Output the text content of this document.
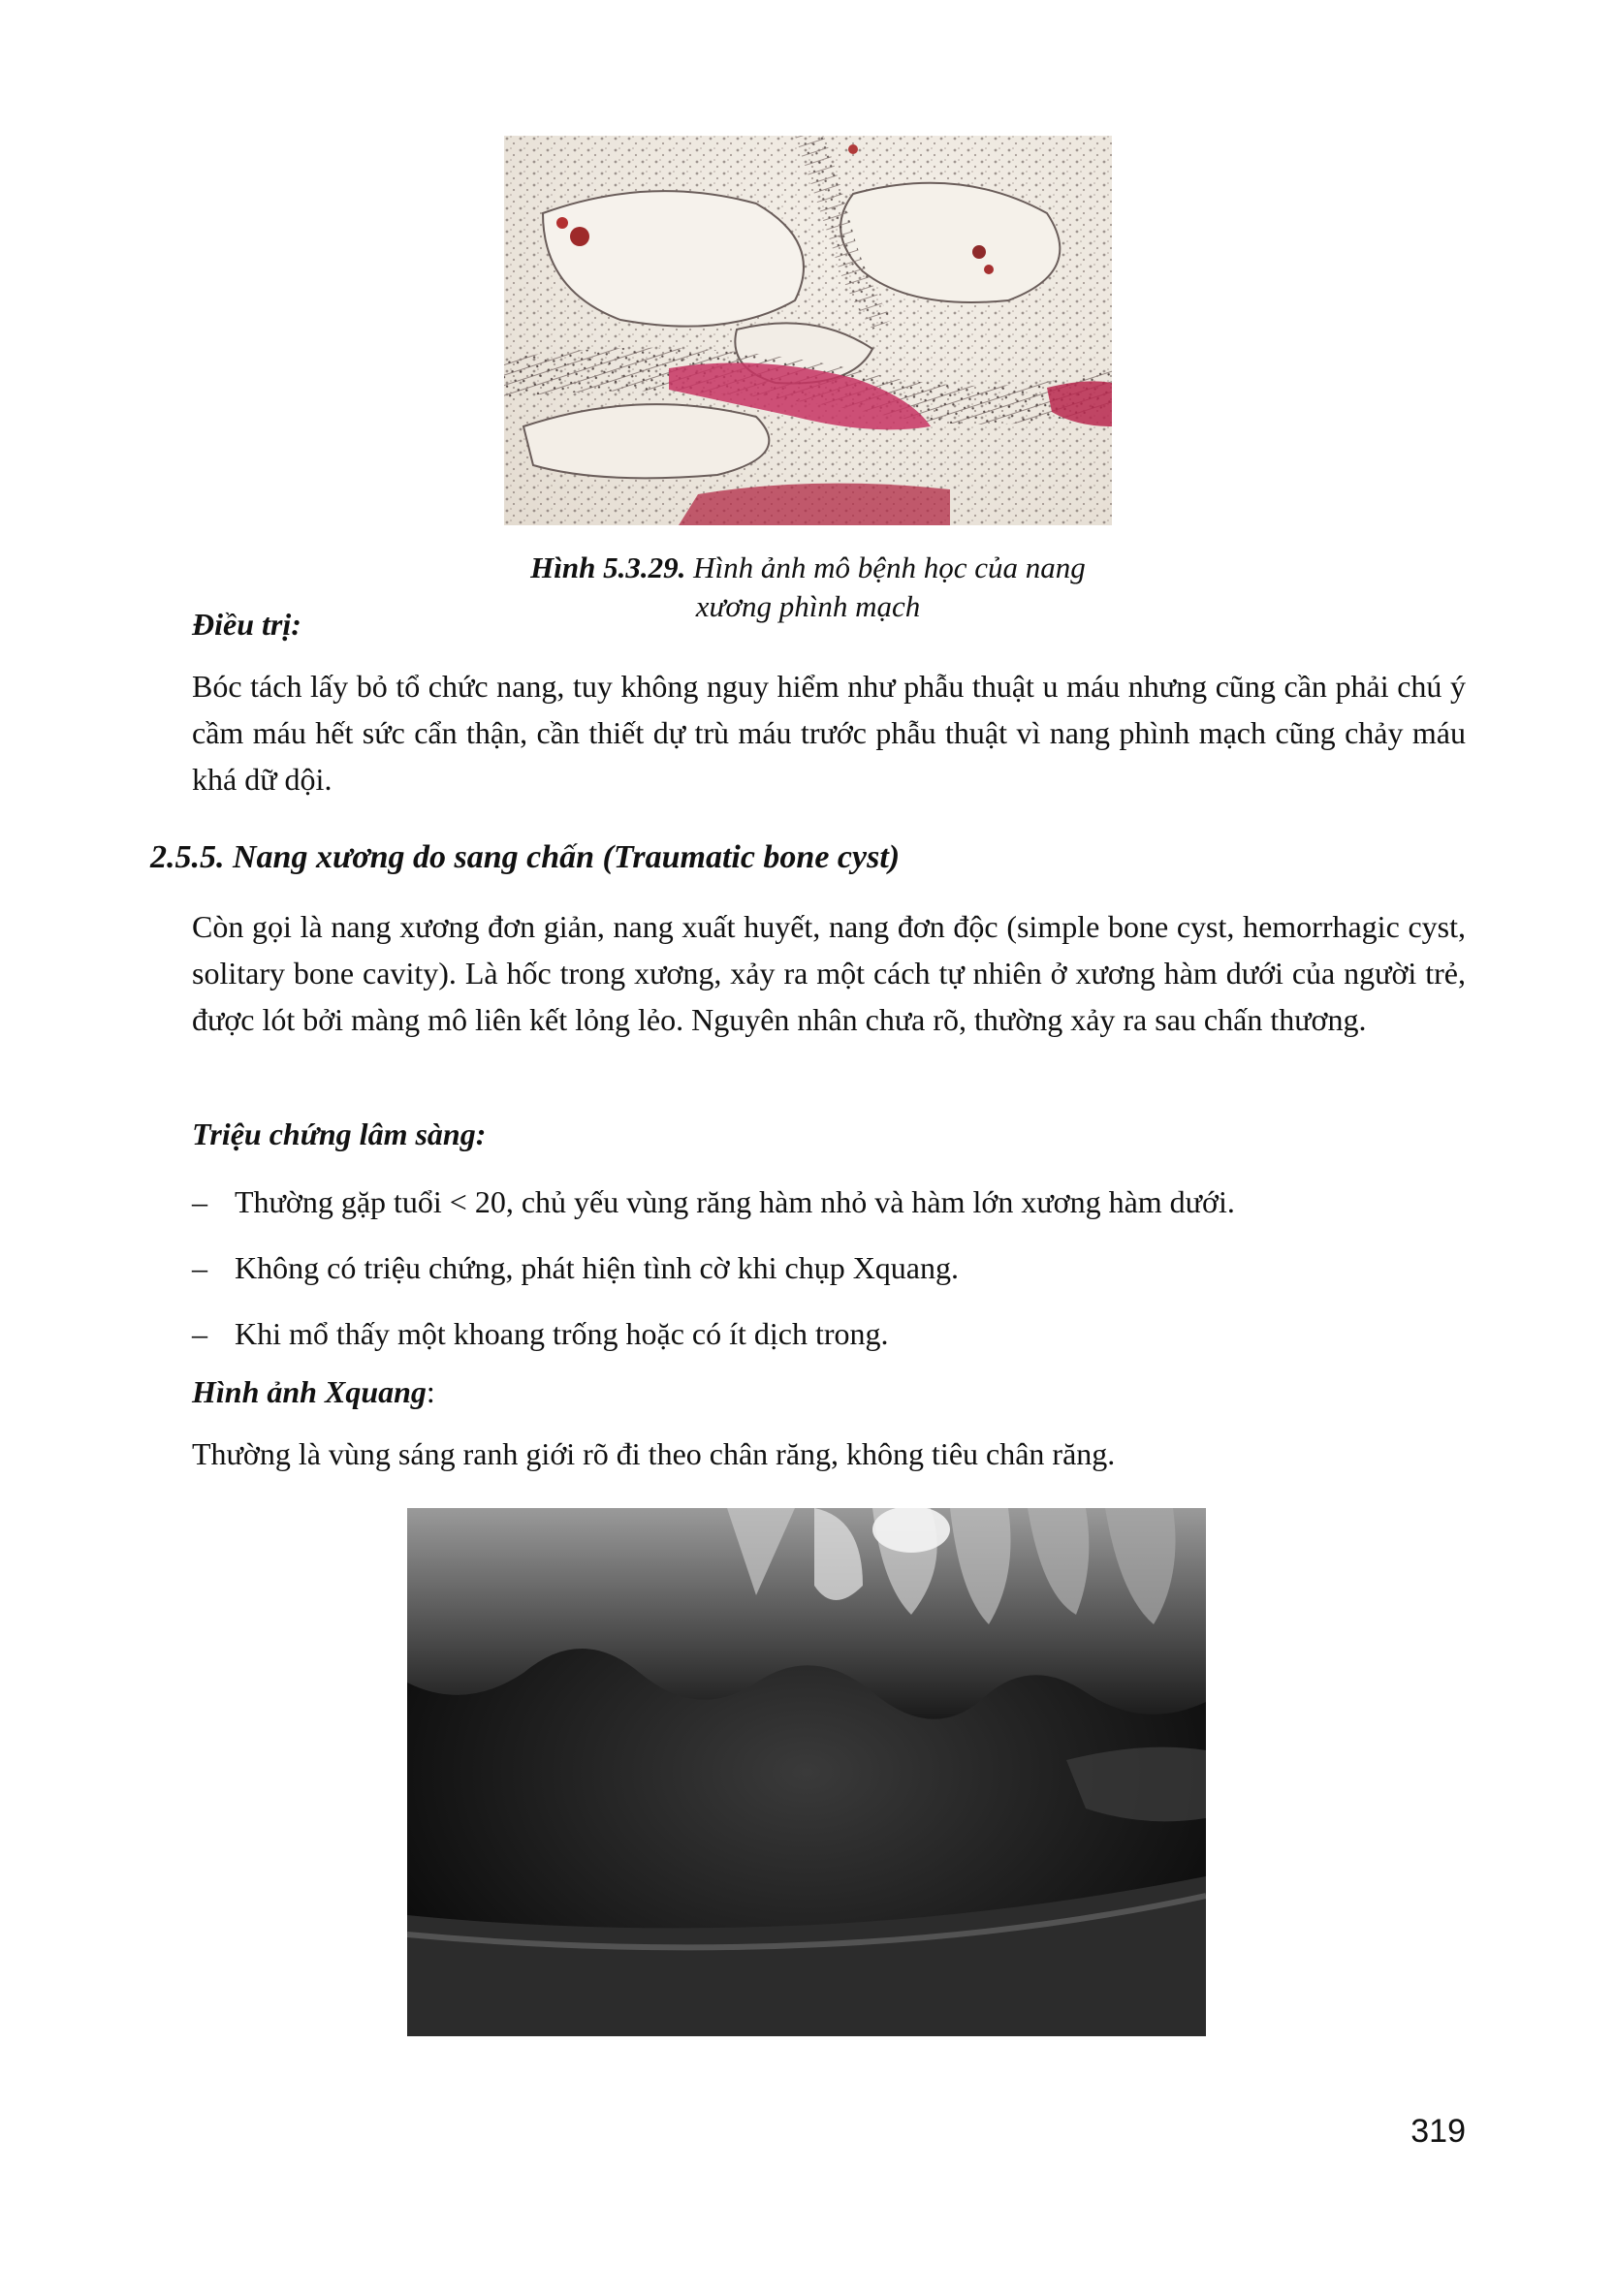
Hình 5.3.29. Hình ảnh mô bệnh học của nang xương phình mạch
Điều trị:
Bóc tách lấy bỏ tổ chức nang, tuy không nguy hiểm như phẫu thuật u máu nhưng cũng cần phải chú ý cầm máu hết sức cẩn thận, cần thiết dự trù máu trước phẫu thuật vì nang phình mạch cũng chảy máu khá dữ dội.
2.5.5. Nang xương do sang chấn (Traumatic bone cyst)
Còn gọi là nang xương đơn giản, nang xuất huyết, nang đơn độc (simple bone cyst, hemorrhagic cyst, solitary bone cavity). Là hốc trong xương, xảy ra một cách tự nhiên ở xương hàm dưới của người trẻ, được lót bởi màng mô liên kết lỏng lẻo. Nguyên nhân chưa rõ, thường xảy ra sau chấn thương.
Triệu chứng lâm sàng:
– Thường gặp tuổi < 20, chủ yếu vùng răng hàm nhỏ và hàm lớn xương hàm dưới.
– Không có triệu chứng, phát hiện tình cờ khi chụp Xquang.
– Khi mổ thấy một khoang trống hoặc có ít dịch trong.
Hình ảnh Xquang:
Thường là vùng sáng ranh giới rõ đi theo chân răng, không tiêu chân răng.
319
